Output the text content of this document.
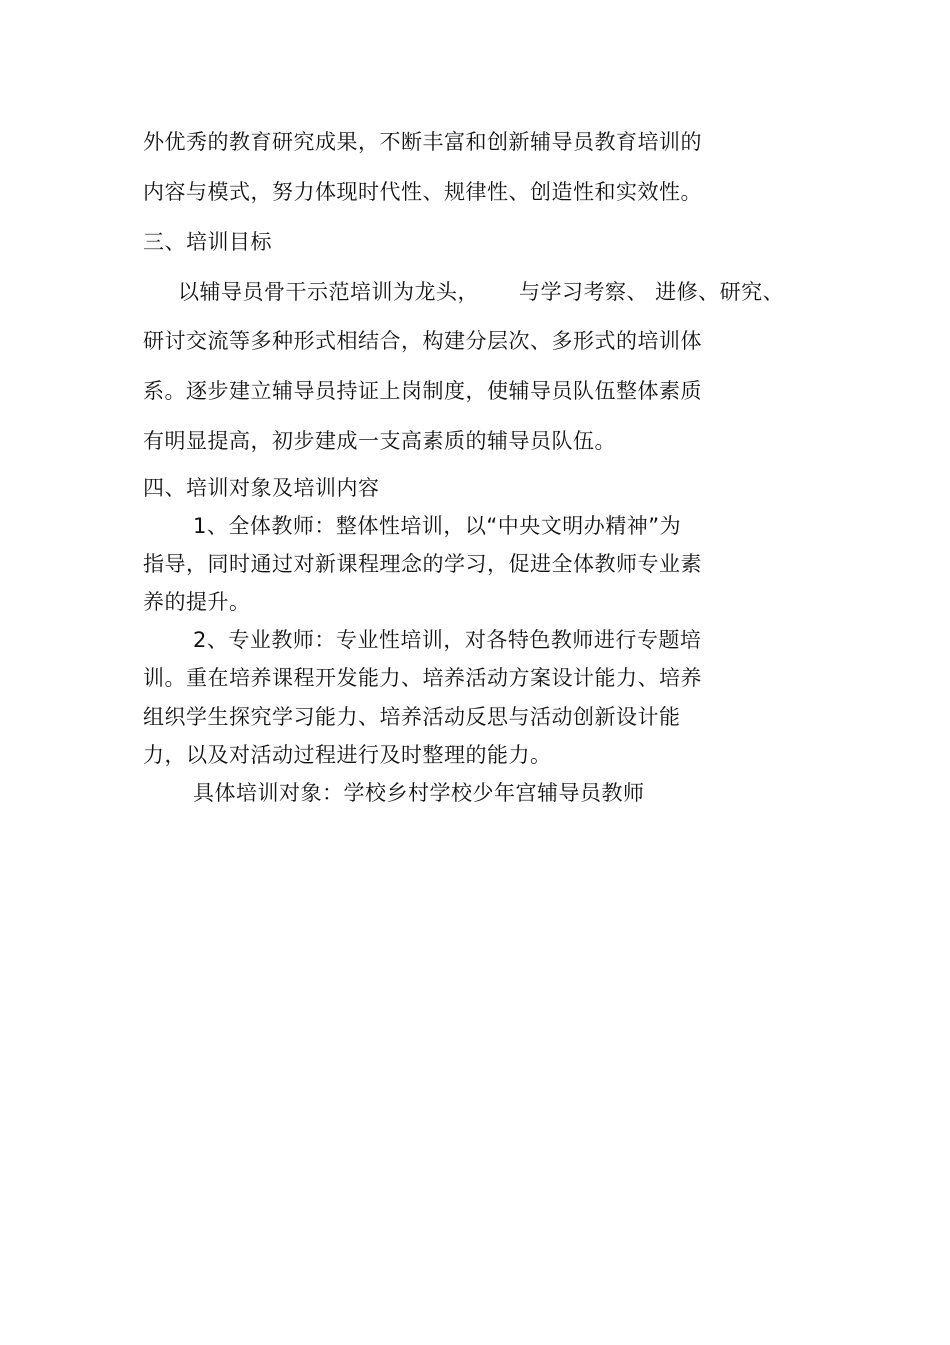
外优秀的教育研究成果，不断丰富和创新辅导员教育培训的
内容与模式，努力体现时代性、规律性、创造性和实效性。
三、培训目标
以辅导员骨干示范培训为龙头， 与学习考察、 进修、研究、
研讨交流等多种形式相结合，构建分层次、多形式的培训体
系。逐步建立辅导员持证上岗制度，使辅导员队伍整体素质
有明显提高，初步建成一支高素质的辅导员队伍。
四、培训对象及培训内容
1、全体教师：整体性培训，以“中央文明办精神”为
指导，同时通过对新课程理念的学习，促进全体教师专业素
养的提升。
2、专业教师：专业性培训，对各特色教师进行专题培
训。重在培养课程开发能力、培养活动方案设计能力、培养
组织学生探究学习能力、培养活动反思与活动创新设计能
力，以及对活动过程进行及时整理的能力。
具体培训对象：学校乡村学校少年宫辅导员教师
